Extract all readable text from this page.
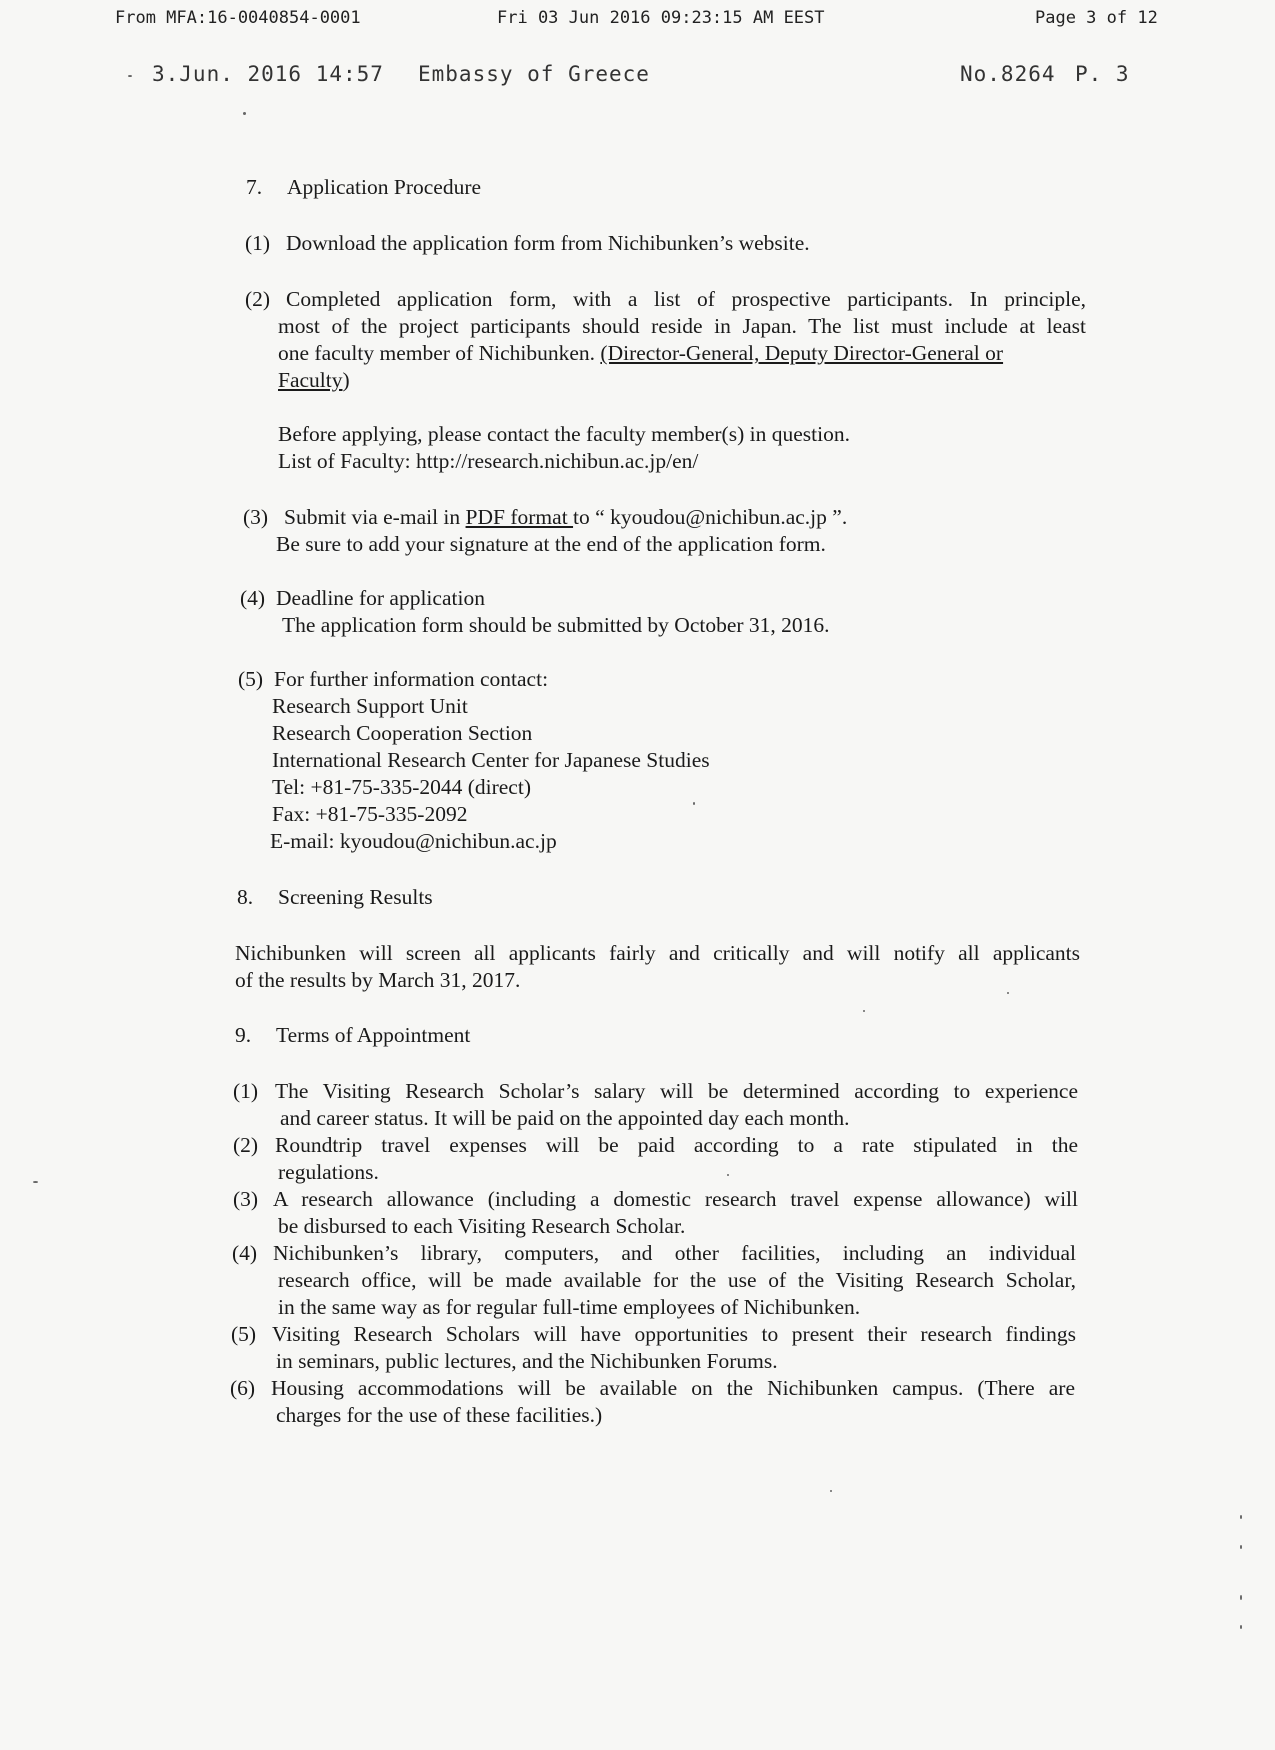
From MFA:16-0040854-0001	Fri 03 Jun 2016 09:23:15 AM EEST	Page 3 of 12
3.Jun. 2016 14:57 Embassy of Greece	No.8264 P. 3
7. Application Procedure
(1) Download the application form from Nichibunken’s website.
(2) Completed application form, with a list of prospective participants. In principle,
most of the project participants should reside in Japan. The list must include at least
one faculty member of Nichibunken. (Director-General, Deputy Director-General or
Faculty)
Before applying, please contact the faculty member(s) in question.
List of Faculty: http://research.nichibun.ac.jp/en/
(3) Submit via e-mail in PDF format to “ kyoudou@nichibun.ac.jp ”.
Be sure to add your signature at the end of the application form.
(4) Deadline for application
The application form should be submitted by October 31, 2016.
(5) For further information contact:
Research Support Unit
Research Cooperation Section
International Research Center for Japanese Studies
Tel: +81-75-335-2044 (direct)
Fax: +81-75-335-2092
E-mail: kyoudou@nichibun.ac.jp
8. Screening Results
Nichibunken will screen all applicants fairly and critically and will notify all applicants
of the results by March 31, 2017.
9. Terms of Appointment
(1) The Visiting Research Scholar’s salary will be determined according to experience
and career status. It will be paid on the appointed day each month.
(2) Roundtrip travel expenses will be paid according to a rate stipulated in the
regulations.
(3) A research allowance (including a domestic research travel expense allowance) will
be disbursed to each Visiting Research Scholar.
(4) Nichibunken’s library, computers, and other facilities, including an individual
research office, will be made available for the use of the Visiting Research Scholar,
in the same way as for regular full-time employees of Nichibunken.
(5) Visiting Research Scholars will have opportunities to present their research findings
in seminars, public lectures, and the Nichibunken Forums.
(6) Housing accommodations will be available on the Nichibunken campus. (There are
charges for the use of these facilities.)
